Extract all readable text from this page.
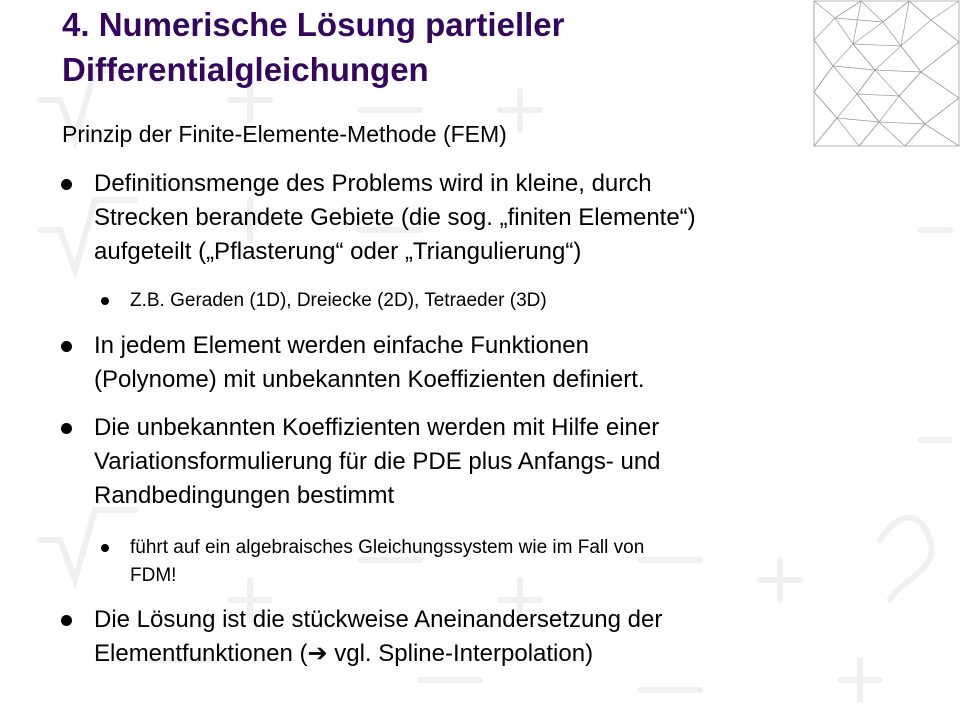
4. Numerische Lösung partieller
Differentialgleichungen
Prinzip der Finite-Elemente-Methode (FEM)
Definitionsmenge des Problems wird in kleine, durch
Strecken berandete Gebiete (die sog. „finiten Elemente“)
aufgeteilt („Pflasterung“ oder „Triangulierung“)
Z.B. Geraden (1D), Dreiecke (2D), Tetraeder (3D)
In jedem Element werden einfache Funktionen
(Polynome) mit unbekannten Koeffizienten definiert.
Die unbekannten Koeffizienten werden mit Hilfe einer
Variationsformulierung für die PDE plus Anfangs- und
Randbedingungen bestimmt
führt auf ein algebraisches Gleichungssystem wie im Fall von
FDM!
Die Lösung ist die stückweise Aneinandersetzung der
Elementfunktionen (➔ vgl. Spline-Interpolation)
